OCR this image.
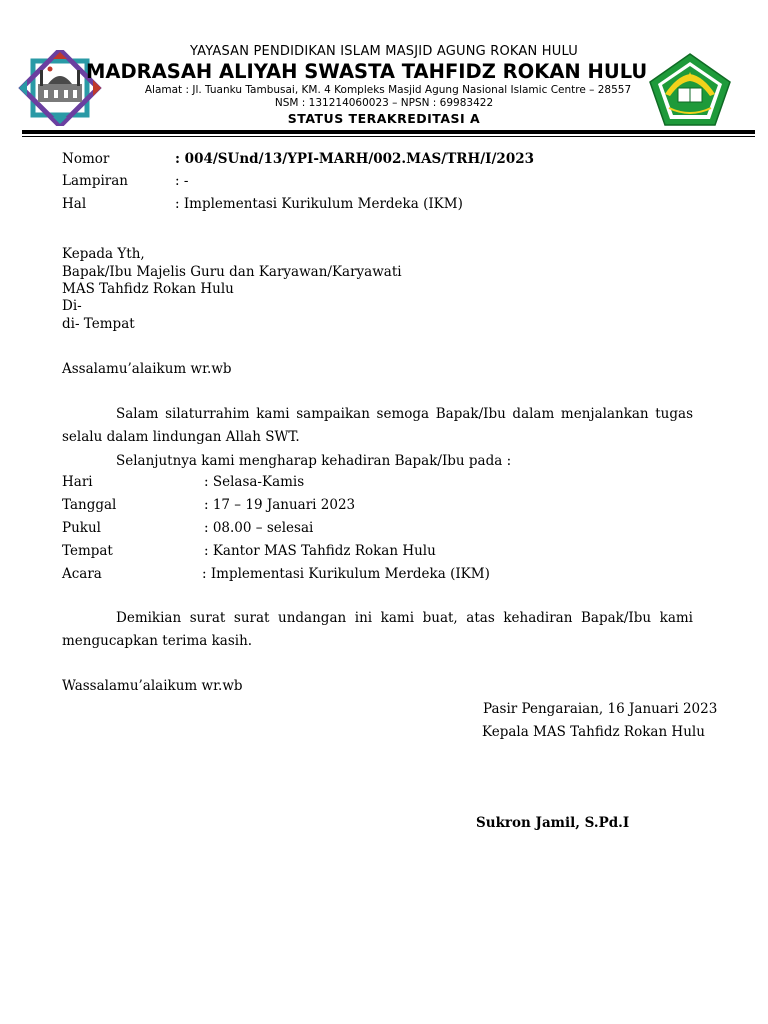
YAYASAN PENDIDIKAN ISLAM MASJID AGUNG ROKAN HULU
MADRASAH ALIYAH SWASTA TAHFIDZ ROKAN HULU
Alamat : Jl. Tuanku Tambusai, KM. 4 Kompleks Masjid Agung Nasional Islamic Centre – 28557
NSM : 131214060023 – NPSN : 69983422
STATUS TERAKREDITASI A
Nomor	: 004/SUnd/13/YPI-MARH/002.MAS/TRH/I/2023
Lampiran	: -
Hal	: Implementasi Kurikulum Merdeka (IKM)
Kepada Yth,
Bapak/Ibu Majelis Guru dan Karyawan/Karyawati
MAS Tahfidz Rokan Hulu
Di-
di- Tempat
Assalamu’alaikum wr.wb
Salam silaturrahim kami sampaikan semoga Bapak/Ibu dalam menjalankan tugas selalu dalam lindungan Allah SWT.
Selanjutnya kami mengharap kehadiran Bapak/Ibu pada :
Hari	: Selasa-Kamis
Tanggal	: 17 – 19 Januari 2023
Pukul	: 08.00 – selesai
Tempat	: Kantor MAS Tahfidz Rokan Hulu
Acara	: Implementasi Kurikulum Merdeka (IKM)
Demikian surat surat undangan ini kami buat, atas kehadiran Bapak/Ibu kami mengucapkan terima kasih.
Wassalamu’alaikum wr.wb
Pasir Pengaraian, 16 Januari 2023
Kepala MAS Tahfidz Rokan Hulu
Sukron Jamil, S.Pd.I
